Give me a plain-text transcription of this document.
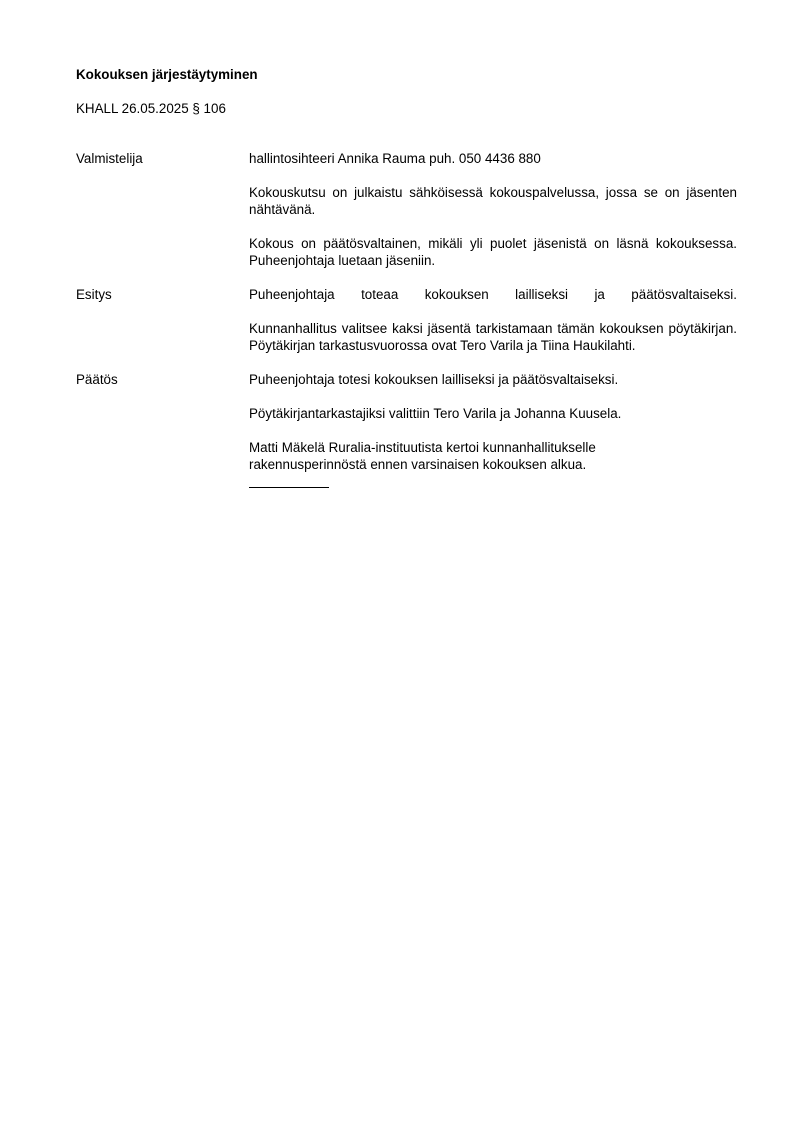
Kokouksen järjestäytyminen
KHALL 26.05.2025 § 106
Valmistelija	hallintosihteeri Annika Rauma puh. 050 4436 880

Kokouskutsu on julkaistu sähköisessä kokouspalvelussa, jossa se on jäsenten nähtävänä.

Kokous on päätösvaltainen, mikäli yli puolet jäsenistä on läsnä kokouksessa. Puheenjohtaja luetaan jäseniin.

Esitys	Puheenjohtaja toteaa kokouksen lailliseksi ja päätösvaltaiseksi.

Kunnanhallitus valitsee kaksi jäsentä tarkistamaan tämän kokouksen pöytäkirjan. Pöytäkirjan tarkastusvuorossa ovat Tero Varila ja Tiina Haukilahti.

Päätös	Puheenjohtaja totesi kokouksen lailliseksi ja päätösvaltaiseksi.

Pöytäkirjantarkastajiksi valittiin Tero Varila ja Johanna Kuusela.

Matti Mäkelä Ruralia-instituutista kertoi kunnanhallitukselle

rakennusperinnöstä ennen varsinaisen kokouksen alkua.
